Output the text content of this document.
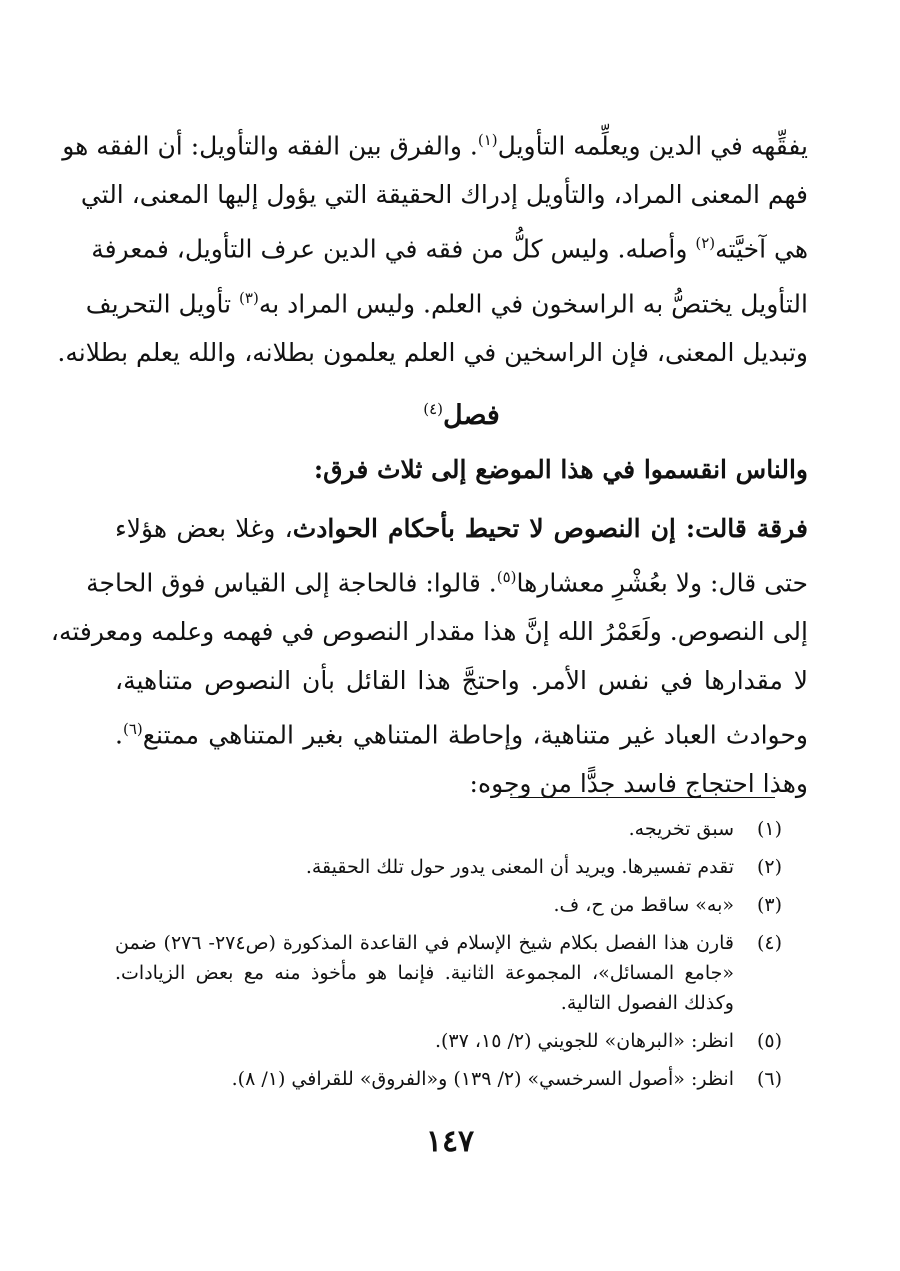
يفقِّهه في الدين ويعلِّمه التأويل$^{(١)}$. والفرق بين الفقه والتأويل: أن الفقه هو
فهم المعنى المراد، والتأويل إدراك الحقيقة التي يؤول إليها المعنى، التي
هي آخيَّته$^{(٢)}$ وأصله. وليس كلُّ من فقه في الدين عرف التأويل، فمعرفة
التأويل يختصُّ به الراسخون في العلم. وليس المراد به$^{(٣)}$ تأويل التحريف
وتبديل المعنى، فإن الراسخين في العلم يعلمون بطلانه، والله يعلم بطلانه.
فصل$^{(٤)}$
والناس انقسموا في هذا الموضع إلى ثلاث فرق:
فرقة قالت: إن النصوص لا تحيط بأحكام الحوادث، وغلا بعض هؤلاء
حتى قال: ولا بعُشْرِ معشارها$^{(٥)}$. قالوا: فالحاجة إلى القياس فوق الحاجة
إلى النصوص. ولَعَمْرُ الله إنَّ هذا مقدار النصوص في فهمه وعلمه ومعرفته،
لا مقدارها في نفس الأمر. واحتجَّ هذا القائل بأن النصوص متناهية،
وحوادث العباد غير متناهية، وإحاطة المتناهي بغير المتناهي ممتنع$^{(٦)}$.
وهذا احتجاج فاسد جدًّا من وجوه:
(١)
سبق تخريجه.
(٢)
تقدم تفسيرها. ويريد أن المعنى يدور حول تلك الحقيقة.
(٣)
«به» ساقط من ح، ف.
(٤)
قارن هذا الفصل بكلام شيخ الإسلام في القاعدة المذكورة (ص٢٧٤- ٢٧٦) ضمن «جامع المسائل»، المجموعة الثانية. فإنما هو مأخوذ منه مع بعض الزيادات. وكذلك الفصول التالية.
(٥)
انظر: «البرهان» للجويني (٢/ ١٥، ٣٧).
(٦)
انظر: «أصول السرخسي» (٢/ ١٣٩) و«الفروق» للقرافي (١/ ٨).
١٤٧
